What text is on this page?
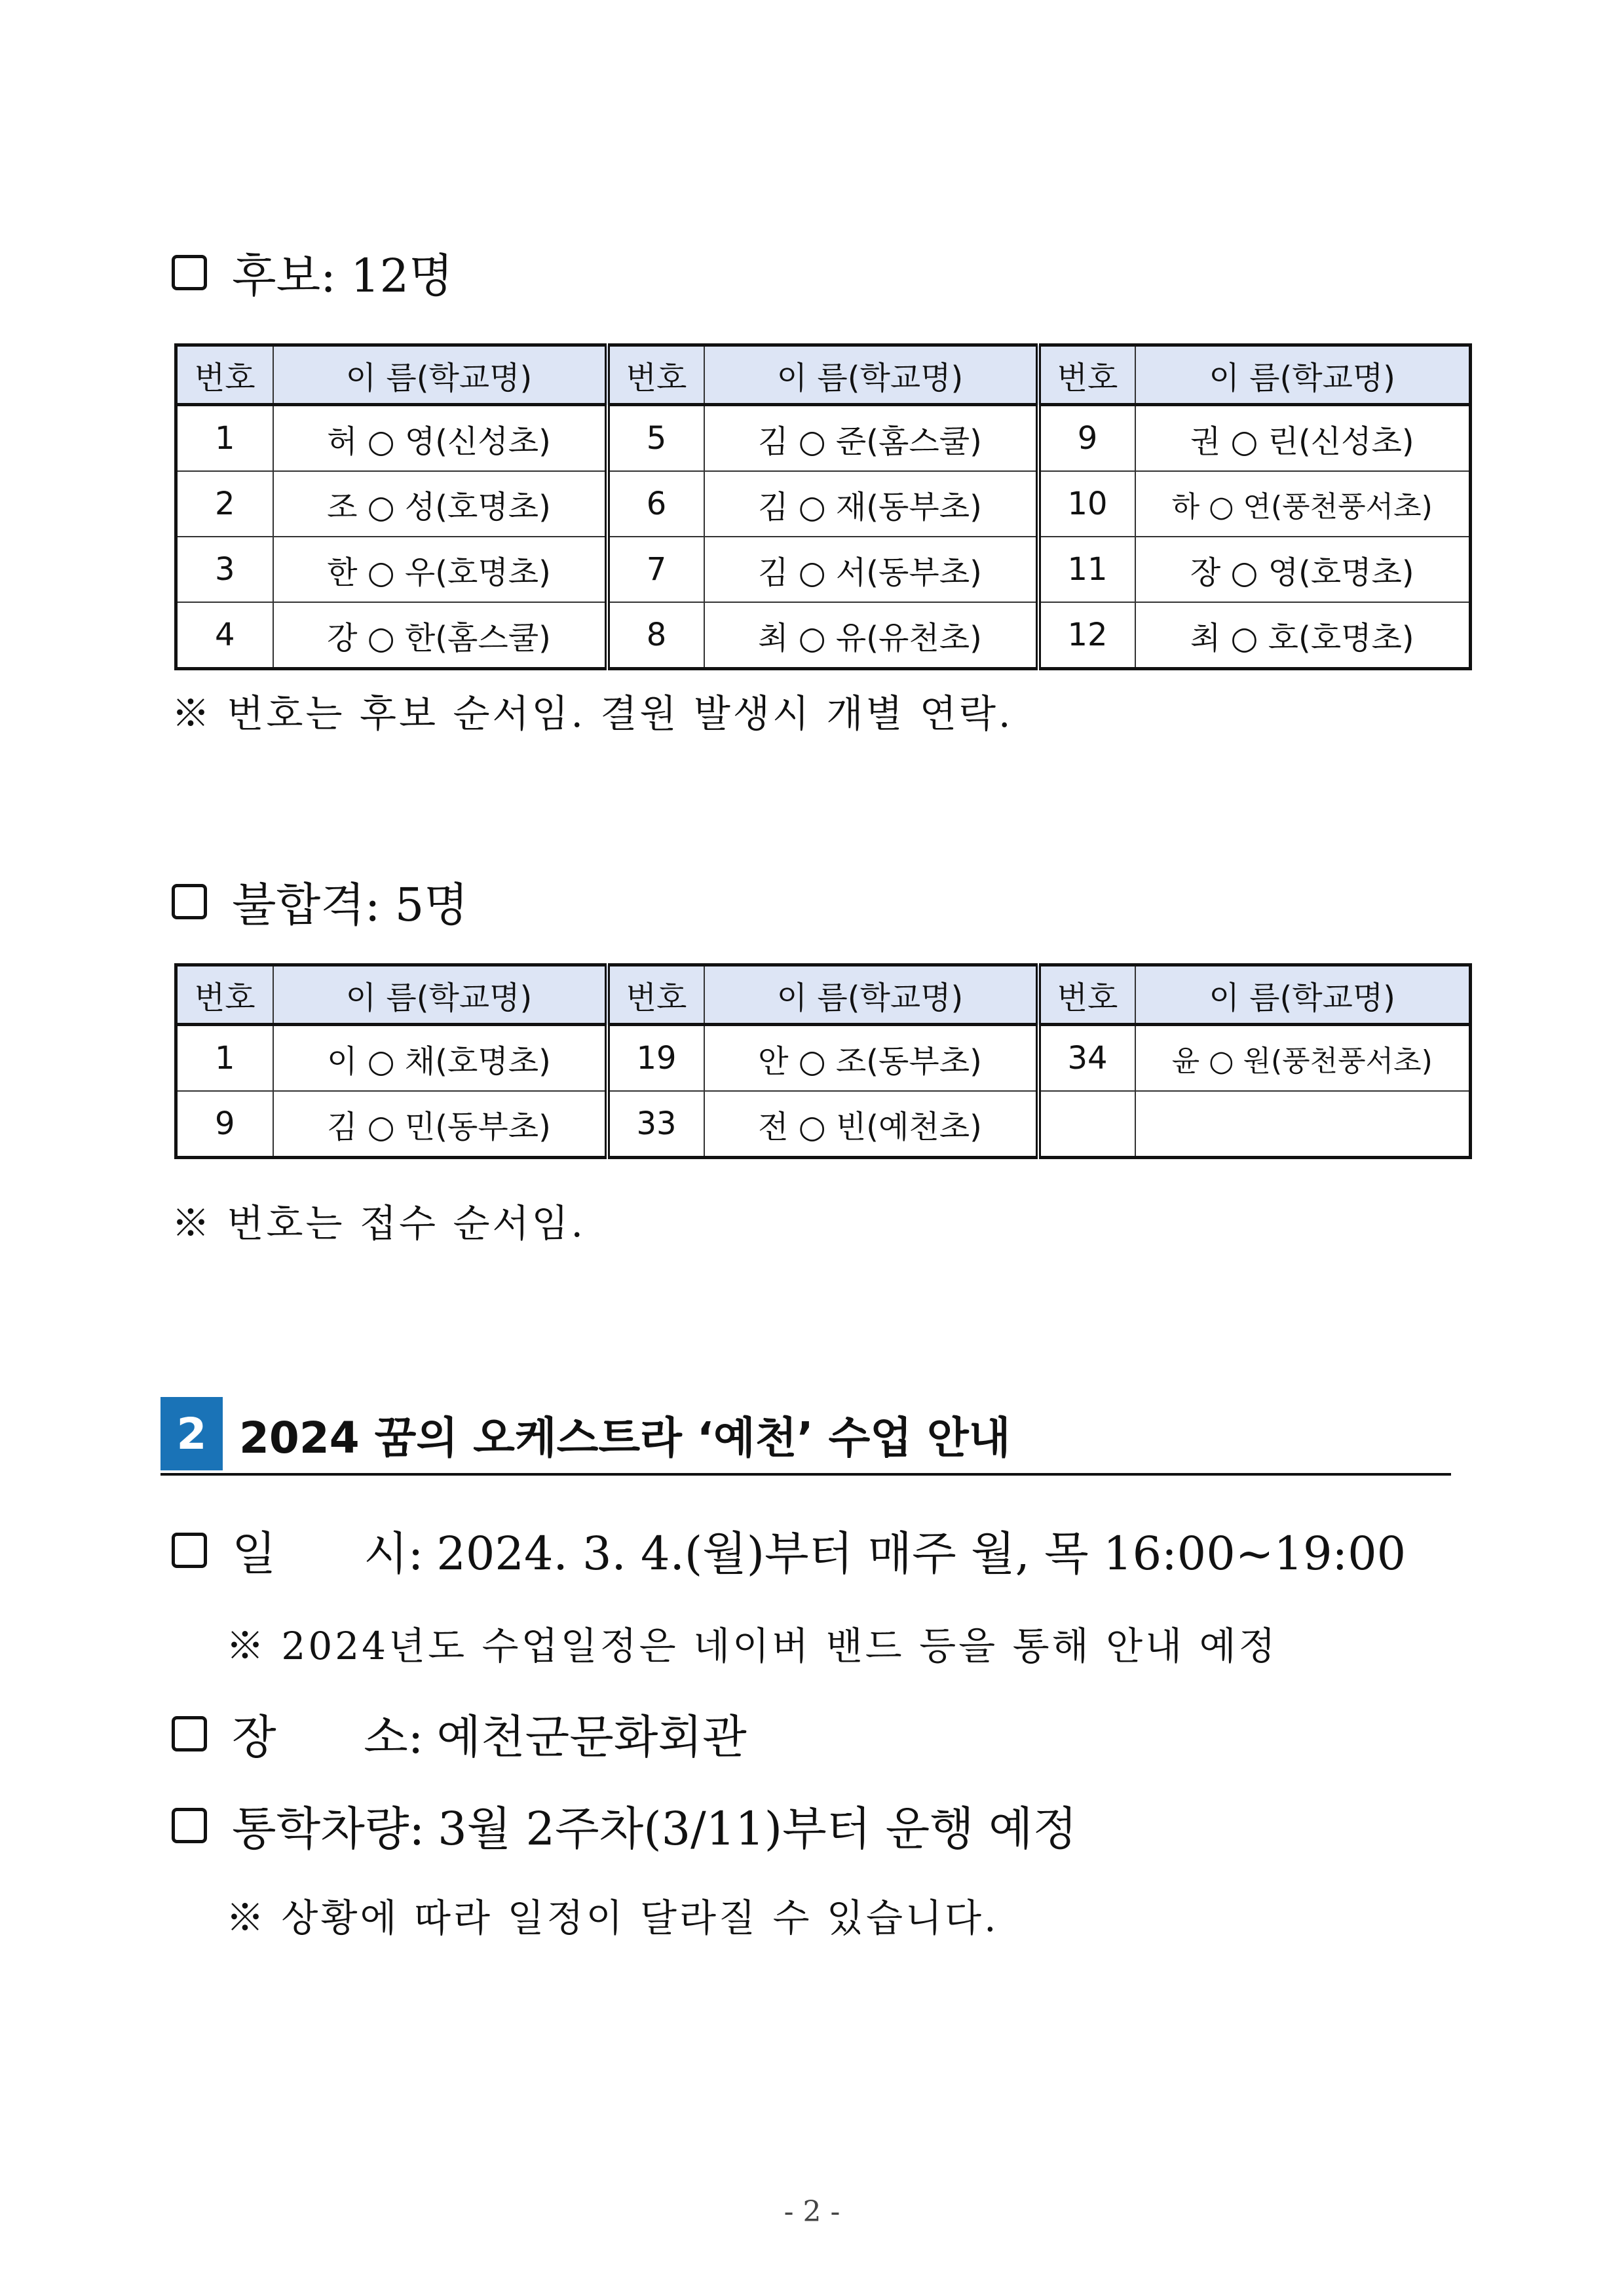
후보: 12명
번호	이 름(학교명)	번호	이 름(학교명)	번호	이 름(학교명)
1	허 ○ 영(신성초)	5	김 ○ 준(홈스쿨)	9	권 ○ 린(신성초)
2	조 ○ 성(호명초)	6	김 ○ 재(동부초)	10	하 ○ 연(풍천풍서초)
3	한 ○ 우(호명초)	7	김 ○ 서(동부초)	11	장 ○ 영(호명초)
4	강 ○ 한(홈스쿨)	8	최 ○ 유(유천초)	12	최 ○ 호(호명초)
※ 번호는 후보 순서임. 결원 발생시 개별 연락.
불합격: 5명
번호	이 름(학교명)	번호	이 름(학교명)	번호	이 름(학교명)
1	이 ○ 채(호명초)	19	안 ○ 조(동부초)	34	윤 ○ 원(풍천풍서초)
9	김 ○ 민(동부초)	33	전 ○ 빈(예천초)		
※ 번호는 접수 순서임.
2 2024 꿈의 오케스트라 ‘예천’ 수업 안내
일      시: 2024. 3. 4.(월)부터 매주 월, 목 16:00~19:00
※ 2024년도 수업일정은 네이버 밴드 등을 통해 안내 예정
장      소: 예천군문화회관
통학차량: 3월 2주차(3/11)부터 운행 예정
※ 상황에 따라 일정이 달라질 수 있습니다.
- 2 -
